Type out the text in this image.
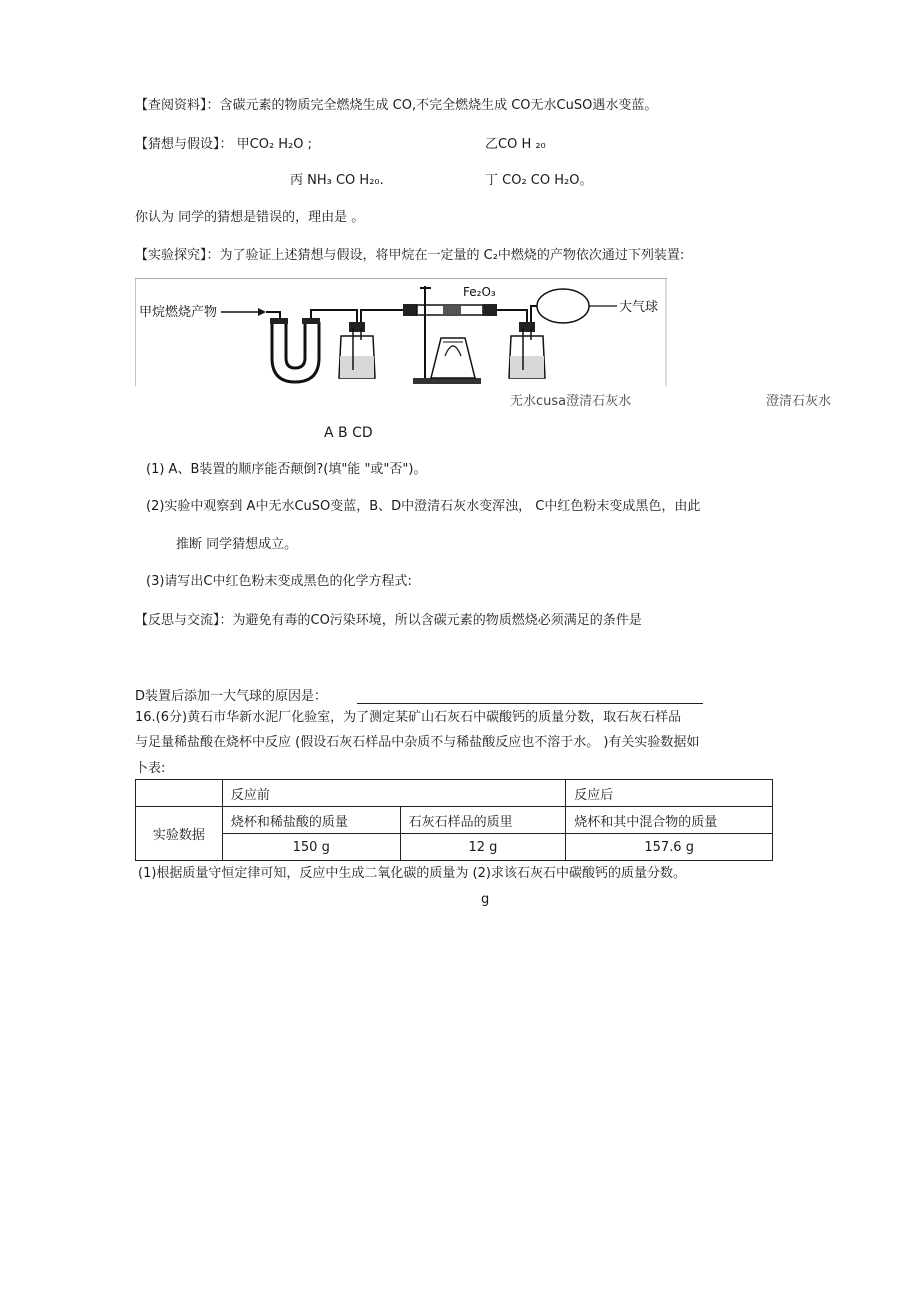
【查阅资料】：含碳元素的物质完全燃烧生成 CO,不完全燃烧生成 CO无水CuSO遇水变蓝。
【猜想与假设】： 甲CO₂ H₂O ;	乙CO H ₂₀
丙 NH₃ CO H₂₀.	丁 CO₂ CO H₂O。
你认为 同学的猜想是错误的，理由是 。
【实验探究】：为了验证上述猜想与假设，将甲烷在一定量的 C₂中燃烧的产物依次通过下列装置:
甲烷燃烧产物
Fe₂O₃
大气球
无水cusa澄清石灰水	澄清石灰水
A B CD
(1) A、B装置的顺序能否颠倒?(填"能 "或"否")。
(2)实验中观察到 A中无水CuSO变蓝，B、D中澄清石灰水变浑浊， C中红色粉末变成黑色，由此
推断 同学猜想成立。
(3)请写出C中红色粉末变成黑色的化学方程式:
【反思与交流】：为避免有毒的CO污染环境，所以含碳元素的物质燃烧必须满足的条件是
D装置后添加一大气球的原因是：
16.(6分)黄石市华新水泥厂化验室，为了测定某矿山石灰石中碳酸钙的质量分数，取石灰石样品
与足量稀盐酸在烧杯中反应 (假设石灰石样品中杂质不与稀盐酸反应也不溶于水。 )有关实验数据如
卜表:
	反应前		反应后
实验数据	烧杯和稀盐酸的质量	石灰石样品的质里	烧杯和其中混合物的质量
	150 g	12 g	157.6 g
(1)根据质量守恒定律可知，反应中生成二氧化碳的质量为 (2)求该石灰石中碳酸钙的质量分数。
g
